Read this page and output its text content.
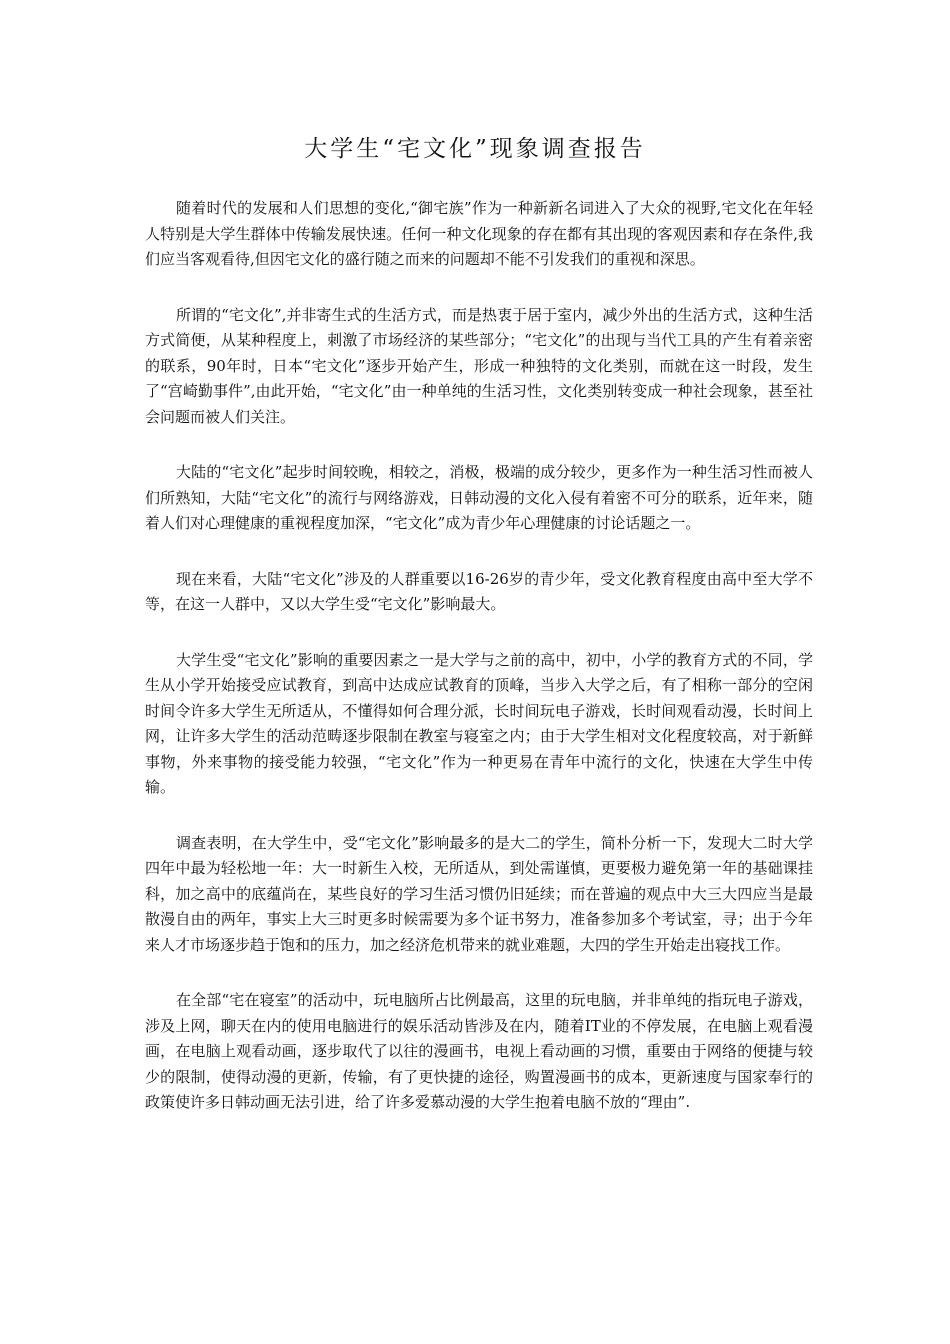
大学生“宅文化”现象调查报告

随着时代的发展和人们思想的变化,“御宅族”作为一种新新名词进入了大众的视野,宅文化在年轻人特别是大学生群体中传输发展快速。任何一种文化现象的存在都有其出现的客观因素和存在条件,我们应当客观看待,但因宅文化的盛行随之而来的问题却不能不引发我们的重视和深思。

所谓的“宅文化”,并非寄生式的生活方式，而是热衷于居于室内，减少外出的生活方式，这种生活方式简便，从某种程度上，刺激了市场经济的某些部分；“宅文化”的出现与当代工具的产生有着亲密的联系，90年时，日本“宅文化”逐步开始产生，形成一种独特的文化类别，而就在这一时段，发生了“宫崎勤事件”,由此开始，“宅文化”由一种单纯的生活习性，文化类别转变成一种社会现象，甚至社会问题而被人们关注。

大陆的“宅文化”起步时间较晚，相较之，消极，极端的成分较少，更多作为一种生活习性而被人们所熟知，大陆“宅文化”的流行与网络游戏，日韩动漫的文化入侵有着密不可分的联系，近年来，随着人们对心理健康的重视程度加深，“宅文化”成为青少年心理健康的讨论话题之一。

现在来看，大陆“宅文化”涉及的人群重要以16-26岁的青少年，受文化教育程度由高中至大学不等，在这一人群中，又以大学生受“宅文化”影响最大。

大学生受“宅文化”影响的重要因素之一是大学与之前的高中，初中，小学的教育方式的不同，学生从小学开始接受应试教育，到高中达成应试教育的顶峰，当步入大学之后，有了相称一部分的空闲时间令许多大学生无所适从，不懂得如何合理分派，长时间玩电子游戏，长时间观看动漫，长时间上网，让许多大学生的活动范畴逐步限制在教室与寝室之内；由于大学生相对文化程度较高，对于新鲜事物，外来事物的接受能力较强，“宅文化”作为一种更易在青年中流行的文化，快速在大学生中传输。

调查表明，在大学生中，受“宅文化”影响最多的是大二的学生，简朴分析一下，发现大二时大学四年中最为轻松地一年：大一时新生入校，无所适从，到处需谨慎，更要极力避免第一年的基础课挂科，加之高中的底蕴尚在，某些良好的学习生活习惯仍旧延续；而在普遍的观点中大三大四应当是最散漫自由的两年，事实上大三时更多时候需要为多个证书努力，准备参加多个考试室，寻；出于今年来人才市场逐步趋于饱和的压力，加之经济危机带来的就业难题，大四的学生开始走出寝找工作。

在全部“宅在寝室”的活动中，玩电脑所占比例最高，这里的玩电脑，并非单纯的指玩电子游戏，涉及上网，聊天在内的使用电脑进行的娱乐活动皆涉及在内，随着IT业的不停发展，在电脑上观看漫画，在电脑上观看动画，逐步取代了以往的漫画书，电视上看动画的习惯，重要由于网络的便捷与较少的限制，使得动漫的更新，传输，有了更快捷的途径，购置漫画书的成本，更新速度与国家奉行的政策使许多日韩动画无法引进，给了许多爱慕动漫的大学生抱着电脑不放的“理由”.
